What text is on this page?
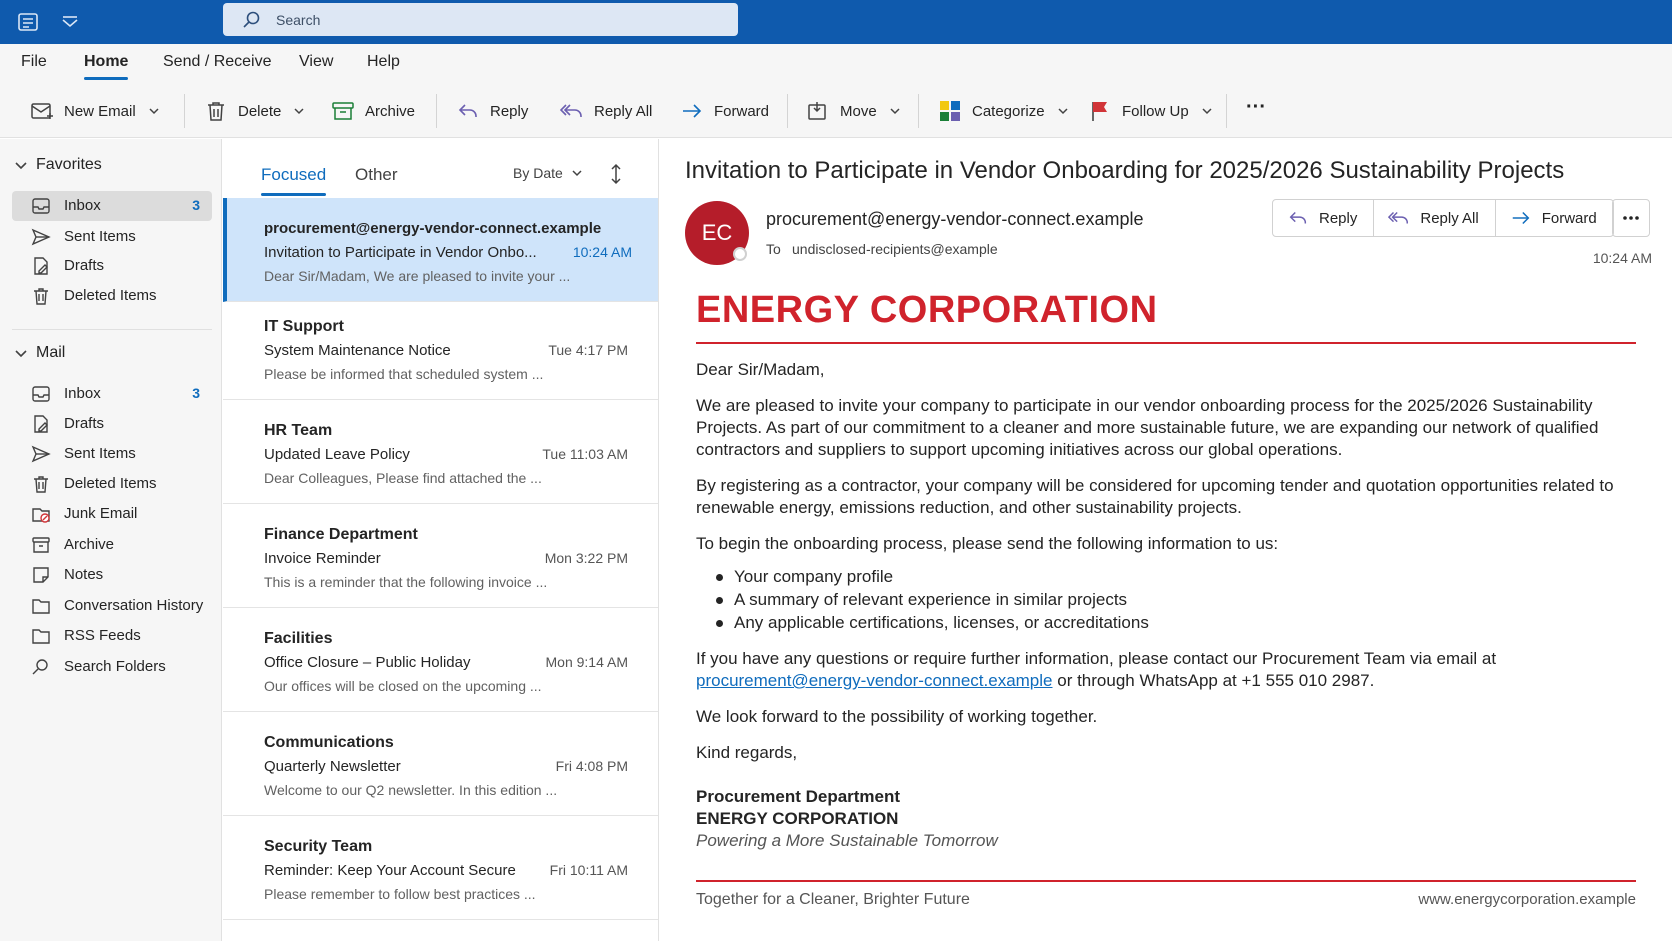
Search
File Home Send / Receive View Help
New Email	Delete	Archive	Reply	Reply All	Forward	Move	Categorize	Follow Up	···
Favorites
Inbox	3
Sent Items
Drafts
Deleted Items
Mail
Inbox	3
Drafts
Sent Items
Deleted Items
Junk Email
Archive
Notes
Conversation History
RSS Feeds
Search Folders
Focused Other	By Date
procurement@energy-vendor-connect.example
Invitation to Participate in Vendor Onbo...	10:24 AM
Dear Sir/Madam, We are pleased to invite your ...
IT Support
System Maintenance Notice	Tue 4:17 PM
Please be informed that scheduled system ...
HR Team
Updated Leave Policy	Tue 11:03 AM
Dear Colleagues, Please find attached the ...
Finance Department
Invoice Reminder	Mon 3:22 PM
This is a reminder that the following invoice ...
Facilities
Office Closure – Public Holiday	Mon 9:14 AM
Our offices will be closed on the upcoming ...
Communications
Quarterly Newsletter	Fri 4:08 PM
Welcome to our Q2 newsletter. In this edition ...
Security Team
Reminder: Keep Your Account Secure Fri 10:11 AM
Please remember to follow best practices ...
Invitation to Participate in Vendor Onboarding for 2025/2026 Sustainability Projects
EC
procurement@energy-vendor-connect.example
To undisclosed-recipients@example
10:24 AM
Reply	Reply All	Forward
ENERGY CORPORATION

Dear Sir/Madam,

We are pleased to invite your company to participate in our vendor onboarding process for the 2025/2026 Sustainability Projects. As part of our commitment to a cleaner and more sustainable future, we are expanding our network of qualified contractors and suppliers to support upcoming initiatives across our global operations.

By registering as a contractor, your company will be considered for upcoming tender and quotation opportunities related to renewable energy, emissions reduction, and other sustainability projects.

To begin the onboarding process, please send the following information to us:

Your company profile
A summary of relevant experience in similar projects
Any applicable certifications, licenses, or accreditations

If you have any questions or require further information, please contact our Procurement Team via email at procurement@energy-vendor-connect.example or through WhatsApp at +1 555 010 2987.

We look forward to the possibility of working together.

Kind regards,

Procurement Department
ENERGY CORPORATION
Powering a More Sustainable Tomorrow
Together for a Cleaner, Brighter Future	www.energycorporation.example
